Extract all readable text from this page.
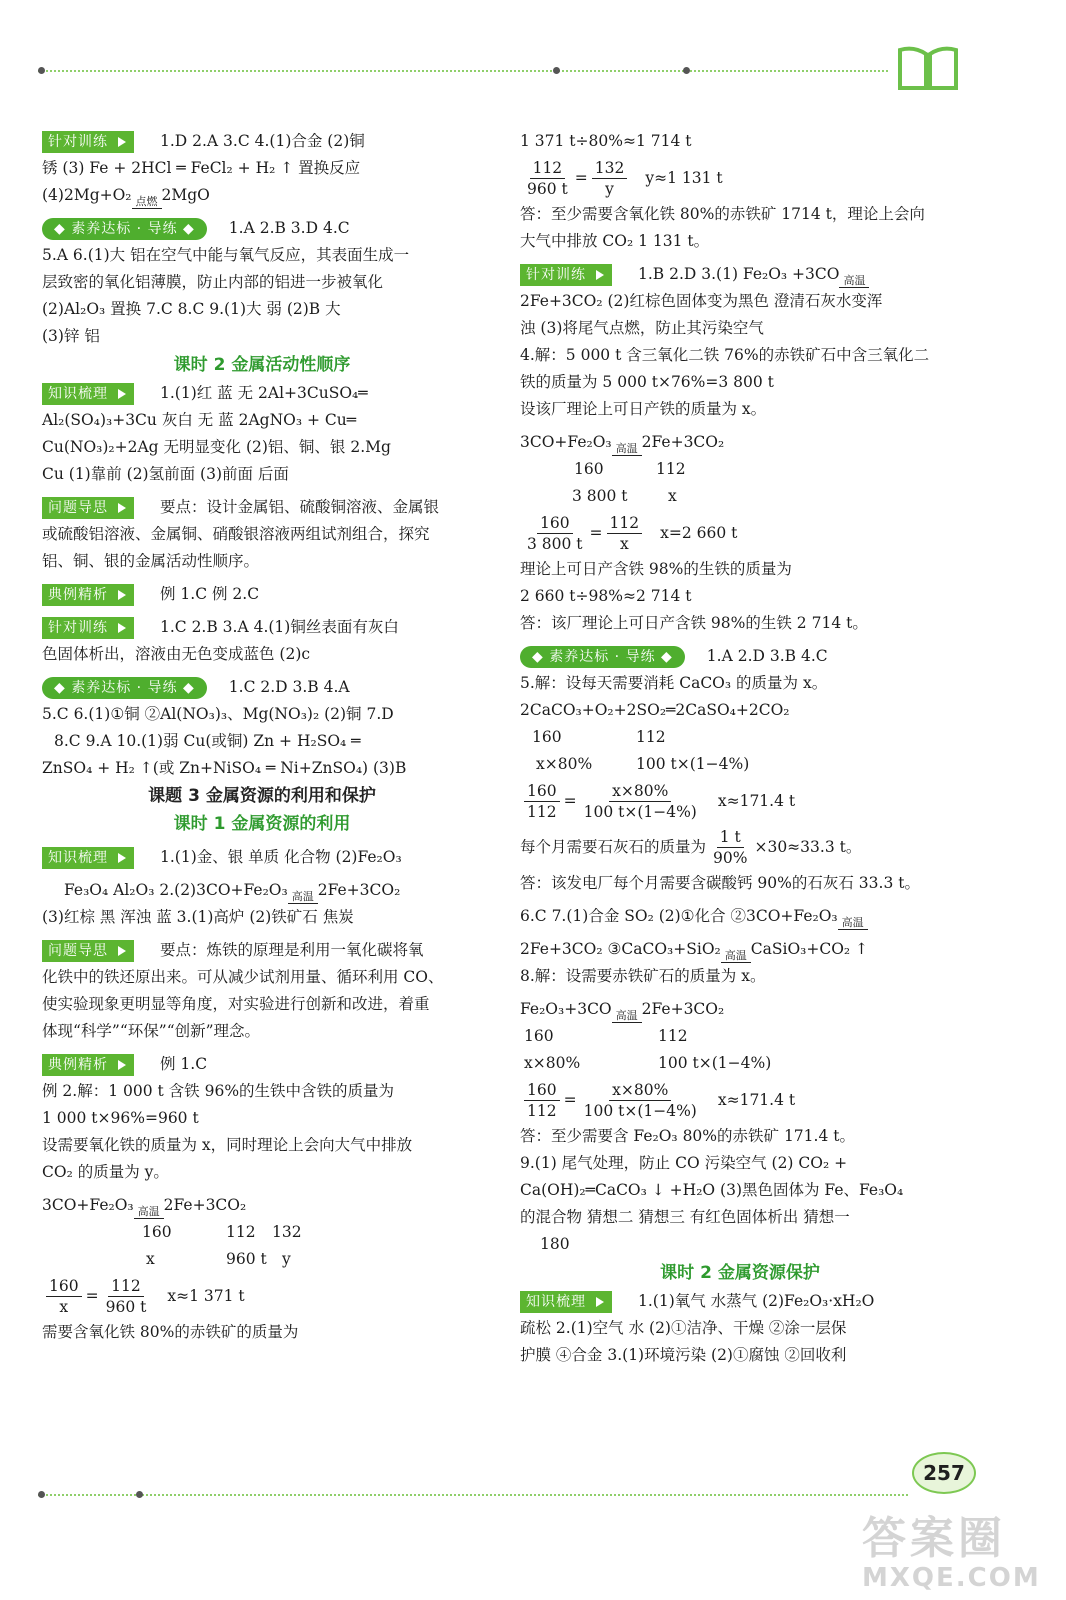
针对训练	1.D 2.A 3.C 4.(1)合金 (2)铜
锈 (3) Fe + 2HCl ═ FeCl₂ + H₂ ↑ 置换反应
(4)2Mg+O₂ 点燃 2MgO
◆ 素养达标 · 导练 ◆ 1.A 2.B 3.D 4.C
5.A 6.(1)大 铝在空气中能与氧气反应，其表面生成一
层致密的氧化铝薄膜，防止内部的铝进一步被氧化
(2)Al₂O₃ 置换 7.C 8.C 9.(1)大 弱 (2)B 大
(3)锌 铝
课时 2 金属活动性顺序
知识梳理	1.(1)红 蓝 无 2Al+3CuSO₄═
Al₂(SO₄)₃+3Cu 灰白 无 蓝 2AgNO₃ + Cu═
Cu(NO₃)₂+2Ag 无明显变化 (2)铝、铜、银 2.Mg
Cu (1)靠前 (2)氢前面 (3)前面 后面
问题导思	要点：设计金属铝、硫酸铜溶液、金属银
或硫酸铝溶液、金属铜、硝酸银溶液两组试剂组合，探究
铝、铜、银的金属活动性顺序。
典例精析	例 1.C 例 2.C
针对训练	1.C 2.B 3.A 4.(1)铜丝表面有灰白
色固体析出，溶液由无色变成蓝色 (2)c
◆ 素养达标 · 导练 ◆ 1.C 2.D 3.B 4.A
5.C 6.(1)①铜 ②Al(NO₃)₃、Mg(NO₃)₂ (2)铜 7.D
8.C 9.A 10.(1)弱 Cu(或铜) Zn + H₂SO₄ ═
ZnSO₄ + H₂ ↑(或 Zn+NiSO₄ ═ Ni+ZnSO₄) (3)B
课题 3 金属资源的利用和保护
课时 1 金属资源的利用
知识梳理	1.(1)金、银 单质 化合物 (2)Fe₂O₃
Fe₃O₄ Al₂O₃ 2.(2)3CO+Fe₂O₃ 高温 2Fe+3CO₂
(3)红棕 黑 浑浊 蓝 3.(1)高炉 (2)铁矿石 焦炭
问题导思	要点：炼铁的原理是利用一氧化碳将氧
化铁中的铁还原出来。可从减少试剂用量、循环利用 CO、
使实验现象更明显等角度，对实验进行创新和改进，着重
体现“科学”“环保”“创新”理念。
典例精析	例 1.C
例 2.解：1 000 t 含铁 96%的生铁中含铁的质量为
1 000 t×96%=960 t
设需要氧化铁的质量为 x，同时理论上会向大气中排放
CO₂ 的质量为 y。
3CO+Fe₂O₃ 高温 2Fe+3CO₂
160	112 132
x	960 t y
$\frac{160}{x} = \frac{112}{960 t} x\approx 1$ 371 t
需要含氧化铁 80%的赤铁矿的质量为
1 371 t÷80%≈1 714 t
$\frac{112}{960 t} = \frac{132}{y} y\approx 1$ 131 t
答：至少需要含氧化铁 80%的赤铁矿 1714 t，理论上会向
大气中排放 CO₂ 1 131 t。
针对训练	1.B 2.D 3.(1) Fe₂O₃ +3CO 高温
2Fe+3CO₂ (2)红棕色固体变为黑色 澄清石灰水变浑
浊 (3)将尾气点燃，防止其污染空气
4.解：5 000 t 含三氧化二铁 76%的赤铁矿石中含三氧化二
铁的质量为 5 000 t×76%=3 800 t
设该厂理论上可日产铁的质量为 x。
3CO+Fe₂O₃ 高温 2Fe+3CO₂
160	112
3 800 t	x
$\frac{160}{3 800 t} = \frac{112}{x} x=2$ 660 t
理论上可日产含铁 98%的生铁的质量为
2 660 t÷98%≈2 714 t
答：该厂理论上可日产含铁 98%的生铁 2 714 t。
◆ 素养达标 · 导练 ◆ 1.A 2.D 3.B 4.C
5.解：设每天需要消耗 CaCO₃ 的质量为 x。
2CaCO₃+O₂+2SO₂═2CaSO₄+2CO₂
160	112
x×80%	100 t×(1−4%)
$\frac{160}{112} = \frac{x\times 80\%}{100 t\times(1-4\%)} x\approx 171.4$ t
每个月需要石灰石的质量为 $\frac{1 t}{90\%} \times 30\approx 33.3$ t。
答：该发电厂每个月需要含碳酸钙 90%的石灰石 33.3 t。
6.C 7.(1)合金 SO₂ (2)①化合 ②3CO+Fe₂O₃ 高温
2Fe+3CO₂ ③CaCO₃+SiO₂ 高温 CaSiO₃+CO₂ ↑
8.解：设需要赤铁矿石的质量为 x。
Fe₂O₃+3CO 高温 2Fe+3CO₂
160	112
x×80%	100 t×(1−4%)
$\frac{160}{112} = \frac{x\times 80\%}{100 t\times(1-4\%)} x\approx 171.4$ t
答：至少需要含 Fe₂O₃ 80%的赤铁矿 171.4 t。
9.(1) 尾气处理，防止 CO 污染空气 (2) CO₂ +
Ca(OH)₂═CaCO₃ ↓ +H₂O (3)黑色固体为 Fe、Fe₃O₄
的混合物 猜想二 猜想三 有红色固体析出 猜想一
180
课时 2 金属资源保护
知识梳理	1.(1)氧气 水蒸气 (2)Fe₂O₃·xH₂O
疏松 2.(1)空气 水 (2)①洁净、干燥 ②涂一层保
护膜 ④合金 3.(1)环境污染 (2)①腐蚀 ②回收利
257
答案圈
MXQE.COM
